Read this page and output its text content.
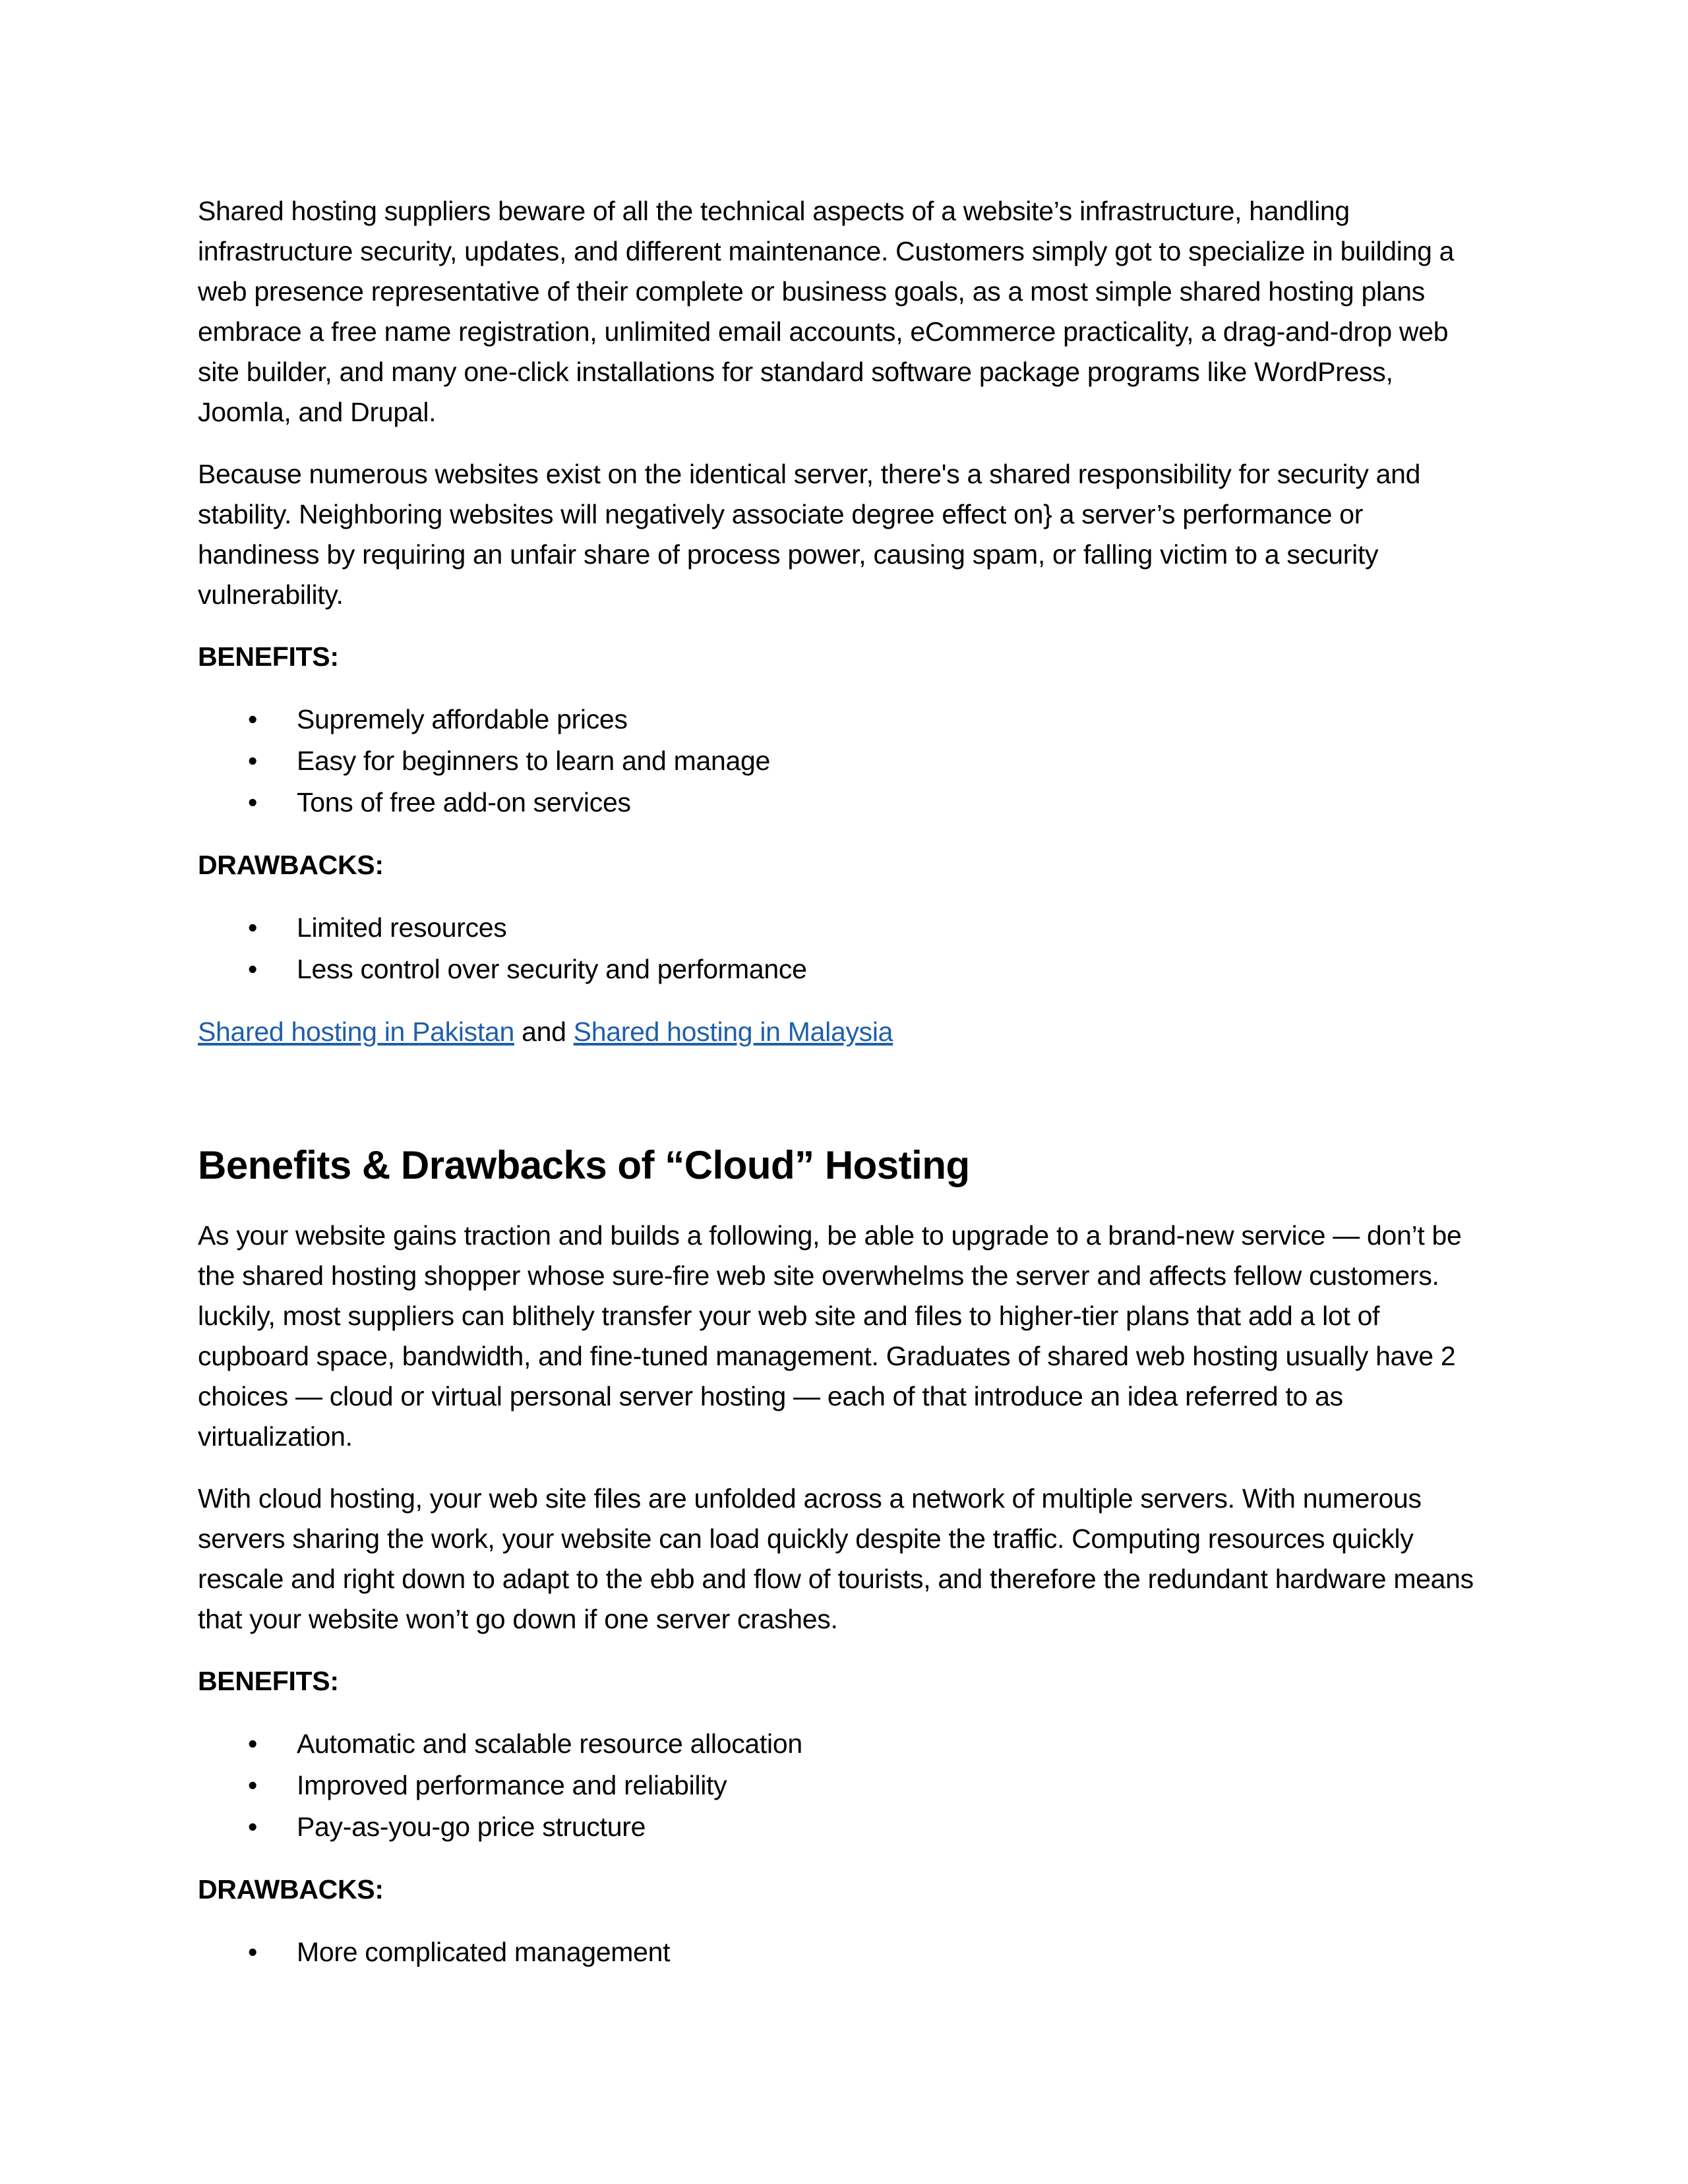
Shared hosting suppliers beware of all the technical aspects of a website’s infrastructure, handling infrastructure security, updates, and different maintenance. Customers simply got to specialize in building a web presence representative of their complete or business goals, as a most simple shared hosting plans embrace a free name registration, unlimited email accounts, eCommerce practicality, a drag-and-drop web site builder, and many one-click installations for standard software package programs like WordPress, Joomla, and Drupal.

Because numerous websites exist on the identical server, there's a shared responsibility for security and stability. Neighboring websites will negatively associate degree effect on} a server’s performance or handiness by requiring an unfair share of process power, causing spam, or falling victim to a security vulnerability.

BENEFITS:

• Supremely affordable prices
• Easy for beginners to learn and manage
• Tons of free add-on services

DRAWBACKS:

• Limited resources
• Less control over security and performance

Shared hosting in Pakistan and Shared hosting in Malaysia

Benefits & Drawbacks of “Cloud” Hosting

As your website gains traction and builds a following, be able to upgrade to a brand-new service — don’t be the shared hosting shopper whose sure-fire web site overwhelms the server and affects fellow customers. luckily, most suppliers can blithely transfer your web site and files to higher-tier plans that add a lot of cupboard space, bandwidth, and fine-tuned management. Graduates of shared web hosting usually have 2 choices — cloud or virtual personal server hosting — each of that introduce an idea referred to as virtualization.

With cloud hosting, your web site files are unfolded across a network of multiple servers. With numerous servers sharing the work, your website can load quickly despite the traffic. Computing resources quickly rescale and right down to adapt to the ebb and flow of tourists, and therefore the redundant hardware means that your website won’t go down if one server crashes.

BENEFITS:

• Automatic and scalable resource allocation
• Improved performance and reliability
• Pay-as-you-go price structure

DRAWBACKS:

• More complicated management
